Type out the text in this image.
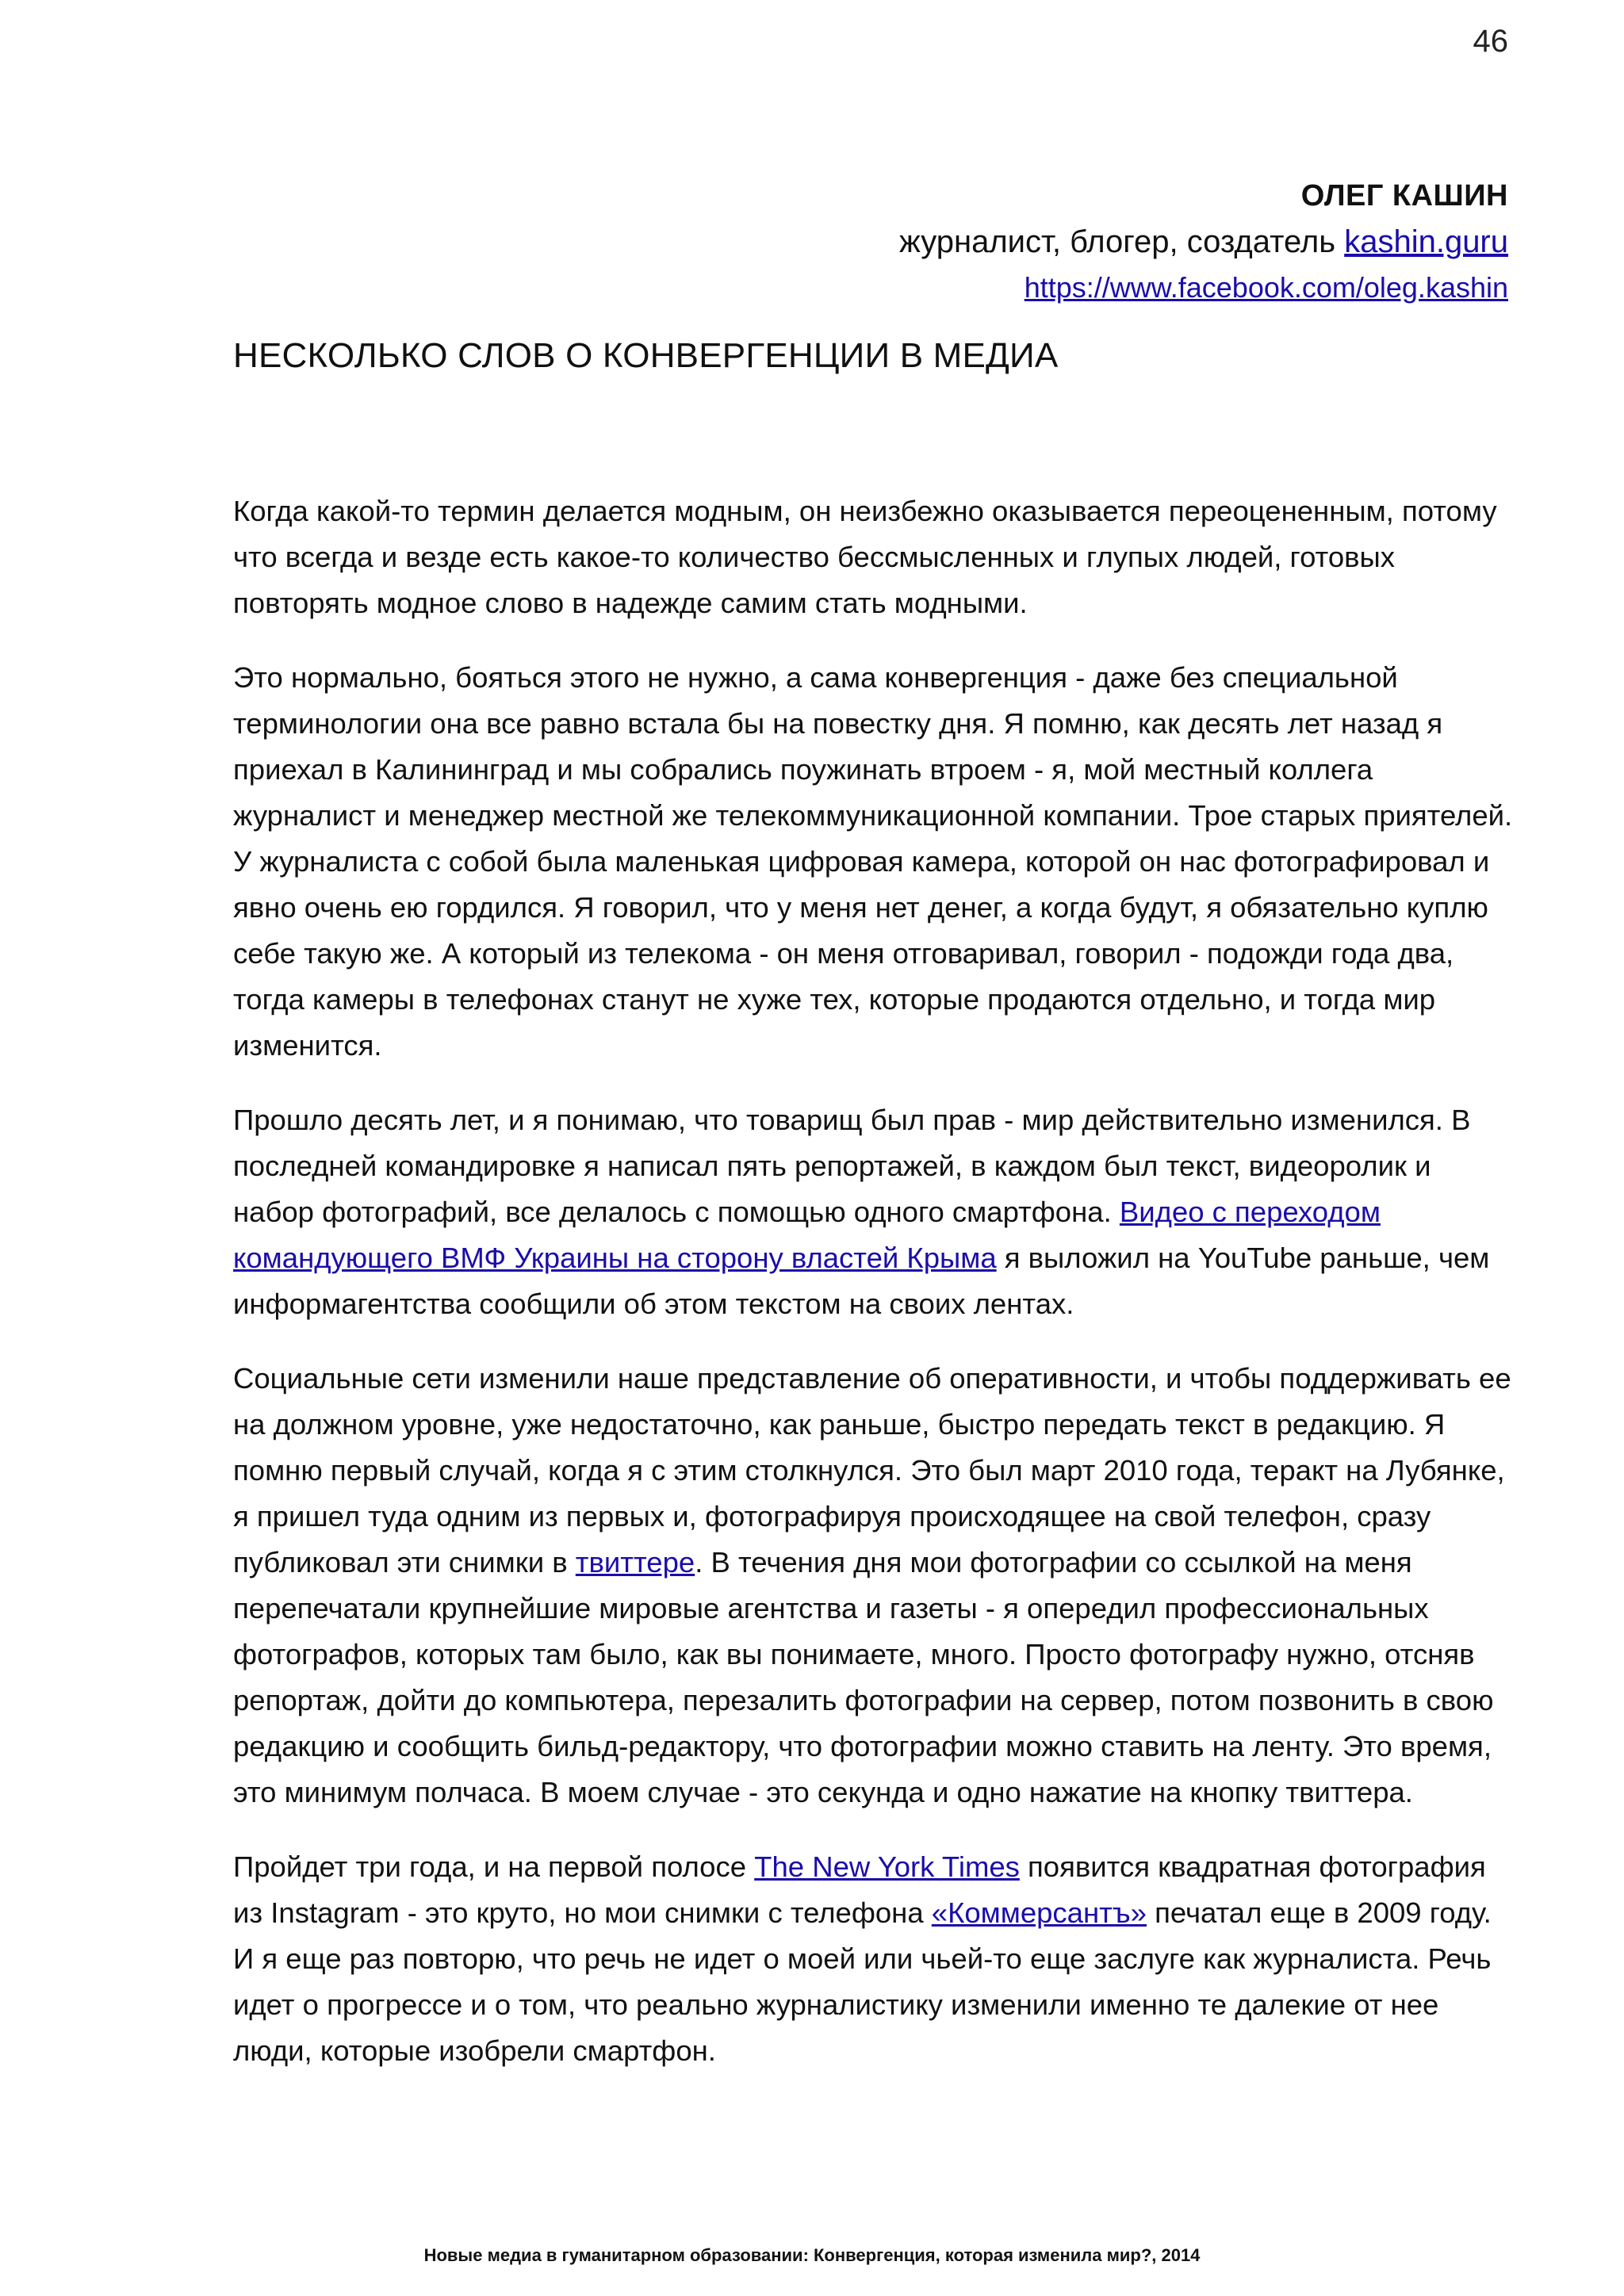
46
ОЛЕГ КАШИН
журналист, блогер, создатель kashin.guru
https://www.facebook.com/oleg.kashin
НЕСКОЛЬКО СЛОВ О КОНВЕРГЕНЦИИ В МЕДИА

Когда какой-то термин делается модным, он неизбежно оказывается переоцененным, потому что всегда и везде есть какое-то количество бессмысленных и глупых людей, готовых повторять модное слово в надежде самим стать модными.

Это нормально, бояться этого не нужно, а сама конвергенция - даже без специальной терминологии она все равно встала бы на повестку дня. Я помню, как десять лет назад я приехал в Калининград и мы собрались поужинать втроем - я, мой местный коллега журналист и менеджер местной же телекоммуникационной компании. Трое старых приятелей. У журналиста с собой была маленькая цифровая камера, которой он нас фотографировал и явно очень ею гордился. Я говорил, что у меня нет денег, а когда будут, я обязательно куплю себе такую же. А который из телекома - он меня отговаривал, говорил - подожди года два, тогда камеры в телефонах станут не хуже тех, которые продаются отдельно, и тогда мир изменится.

Прошло десять лет, и я понимаю, что товарищ был прав - мир действительно изменился. В последней командировке я написал пять репортажей, в каждом был текст, видеоролик и набор фотографий, все делалось с помощью одного смартфона. Видео с переходом командующего ВМФ Украины на сторону властей Крыма я выложил на YouTube раньше, чем информагентства сообщили об этом текстом на своих лентах.

Социальные сети изменили наше представление об оперативности, и чтобы поддерживать ее на должном уровне, уже недостаточно, как раньше, быстро передать текст в редакцию. Я помню первый случай, когда я с этим столкнулся. Это был март 2010 года, теракт на Лубянке, я пришел туда одним из первых и, фотографируя происходящее на свой телефон, сразу публиковал эти снимки в твиттере. В течения дня мои фотографии со ссылкой на меня перепечатали крупнейшие мировые агентства и газеты - я опередил профессиональных фотографов, которых там было, как вы понимаете, много. Просто фотографу нужно, отсняв репортаж, дойти до компьютера, перезалить фотографии на сервер, потом позвонить в свою редакцию и сообщить бильд-редактору, что фотографии можно ставить на ленту. Это время, это минимум полчаса. В моем случае - это секунда и одно нажатие на кнопку твиттера.

Пройдет три года, и на первой полосе The New York Times появится квадратная фотография из Instagram - это круто, но мои снимки с телефона «Коммерсантъ» печатал еще в 2009 году. И я еще раз повторю, что речь не идет о моей или чьей-то еще заслуге как журналиста. Речь идет о прогрессе и о том, что реально журналистику изменили именно те далекие от нее люди, которые изобрели смартфон.

Новые медиа в гуманитарном образовании: Конвергенция, которая изменила мир?, 2014
